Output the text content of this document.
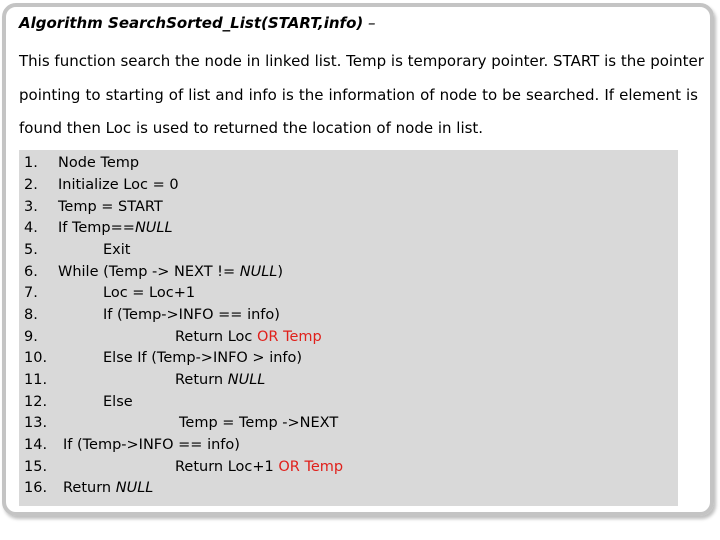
Algorithm SearchSorted_List(START,info) –
This function search the node in linked list. Temp is temporary pointer. START is the pointer
pointing to starting of list and info is the information of node to be searched. If element is
found then Loc is used to returned the location of node in list.
1. Node Temp
2. Initialize Loc = 0
3. Temp = START
4. If Temp==NULL
5.	Exit
6. While (Temp -> NEXT != NULL)
7.	Loc = Loc+1
8.	If (Temp->INFO == info)
9.	Return Loc OR Temp
10.	Else If (Temp->INFO > info)
11.	Return NULL
12.	Else
13.	Temp = Temp ->NEXT
14. If (Temp->INFO == info)
15.	Return Loc+1 OR Temp
16. Return NULL
